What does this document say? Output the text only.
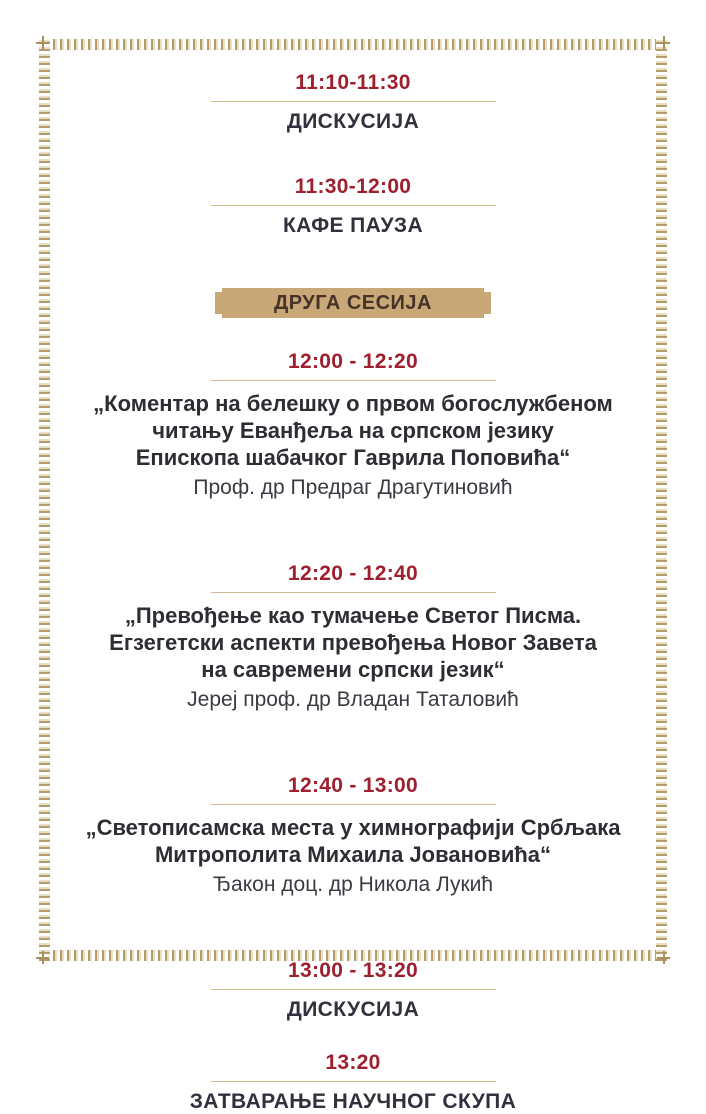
11:10-11:30
ДИСКУСИЈА
11:30-12:00
КАФЕ ПАУЗА
ДРУГА СЕСИЈА
12:00 - 12:20
„Коментар на белешку о првом богослужбеном
читању Еванђеља на српском језику
Епископа шабачког Гаврила Поповића“
Проф. др Предраг Драгутиновић
12:20 - 12:40
„Превођење као тумачење Светог Писма.
Егзегетски аспекти превођења Новог Завета
на савремени српски језик“
Јереј проф. др Владан Таталовић
12:40 - 13:00
„Светописамска места у химнографији Србљака
Митрополита Михаила Јовановића“
Ђакон доц. др Никола Лукић
13:00 - 13:20
ДИСКУСИЈА
13:20
ЗАТВАРАЊЕ НАУЧНОГ СКУПА
